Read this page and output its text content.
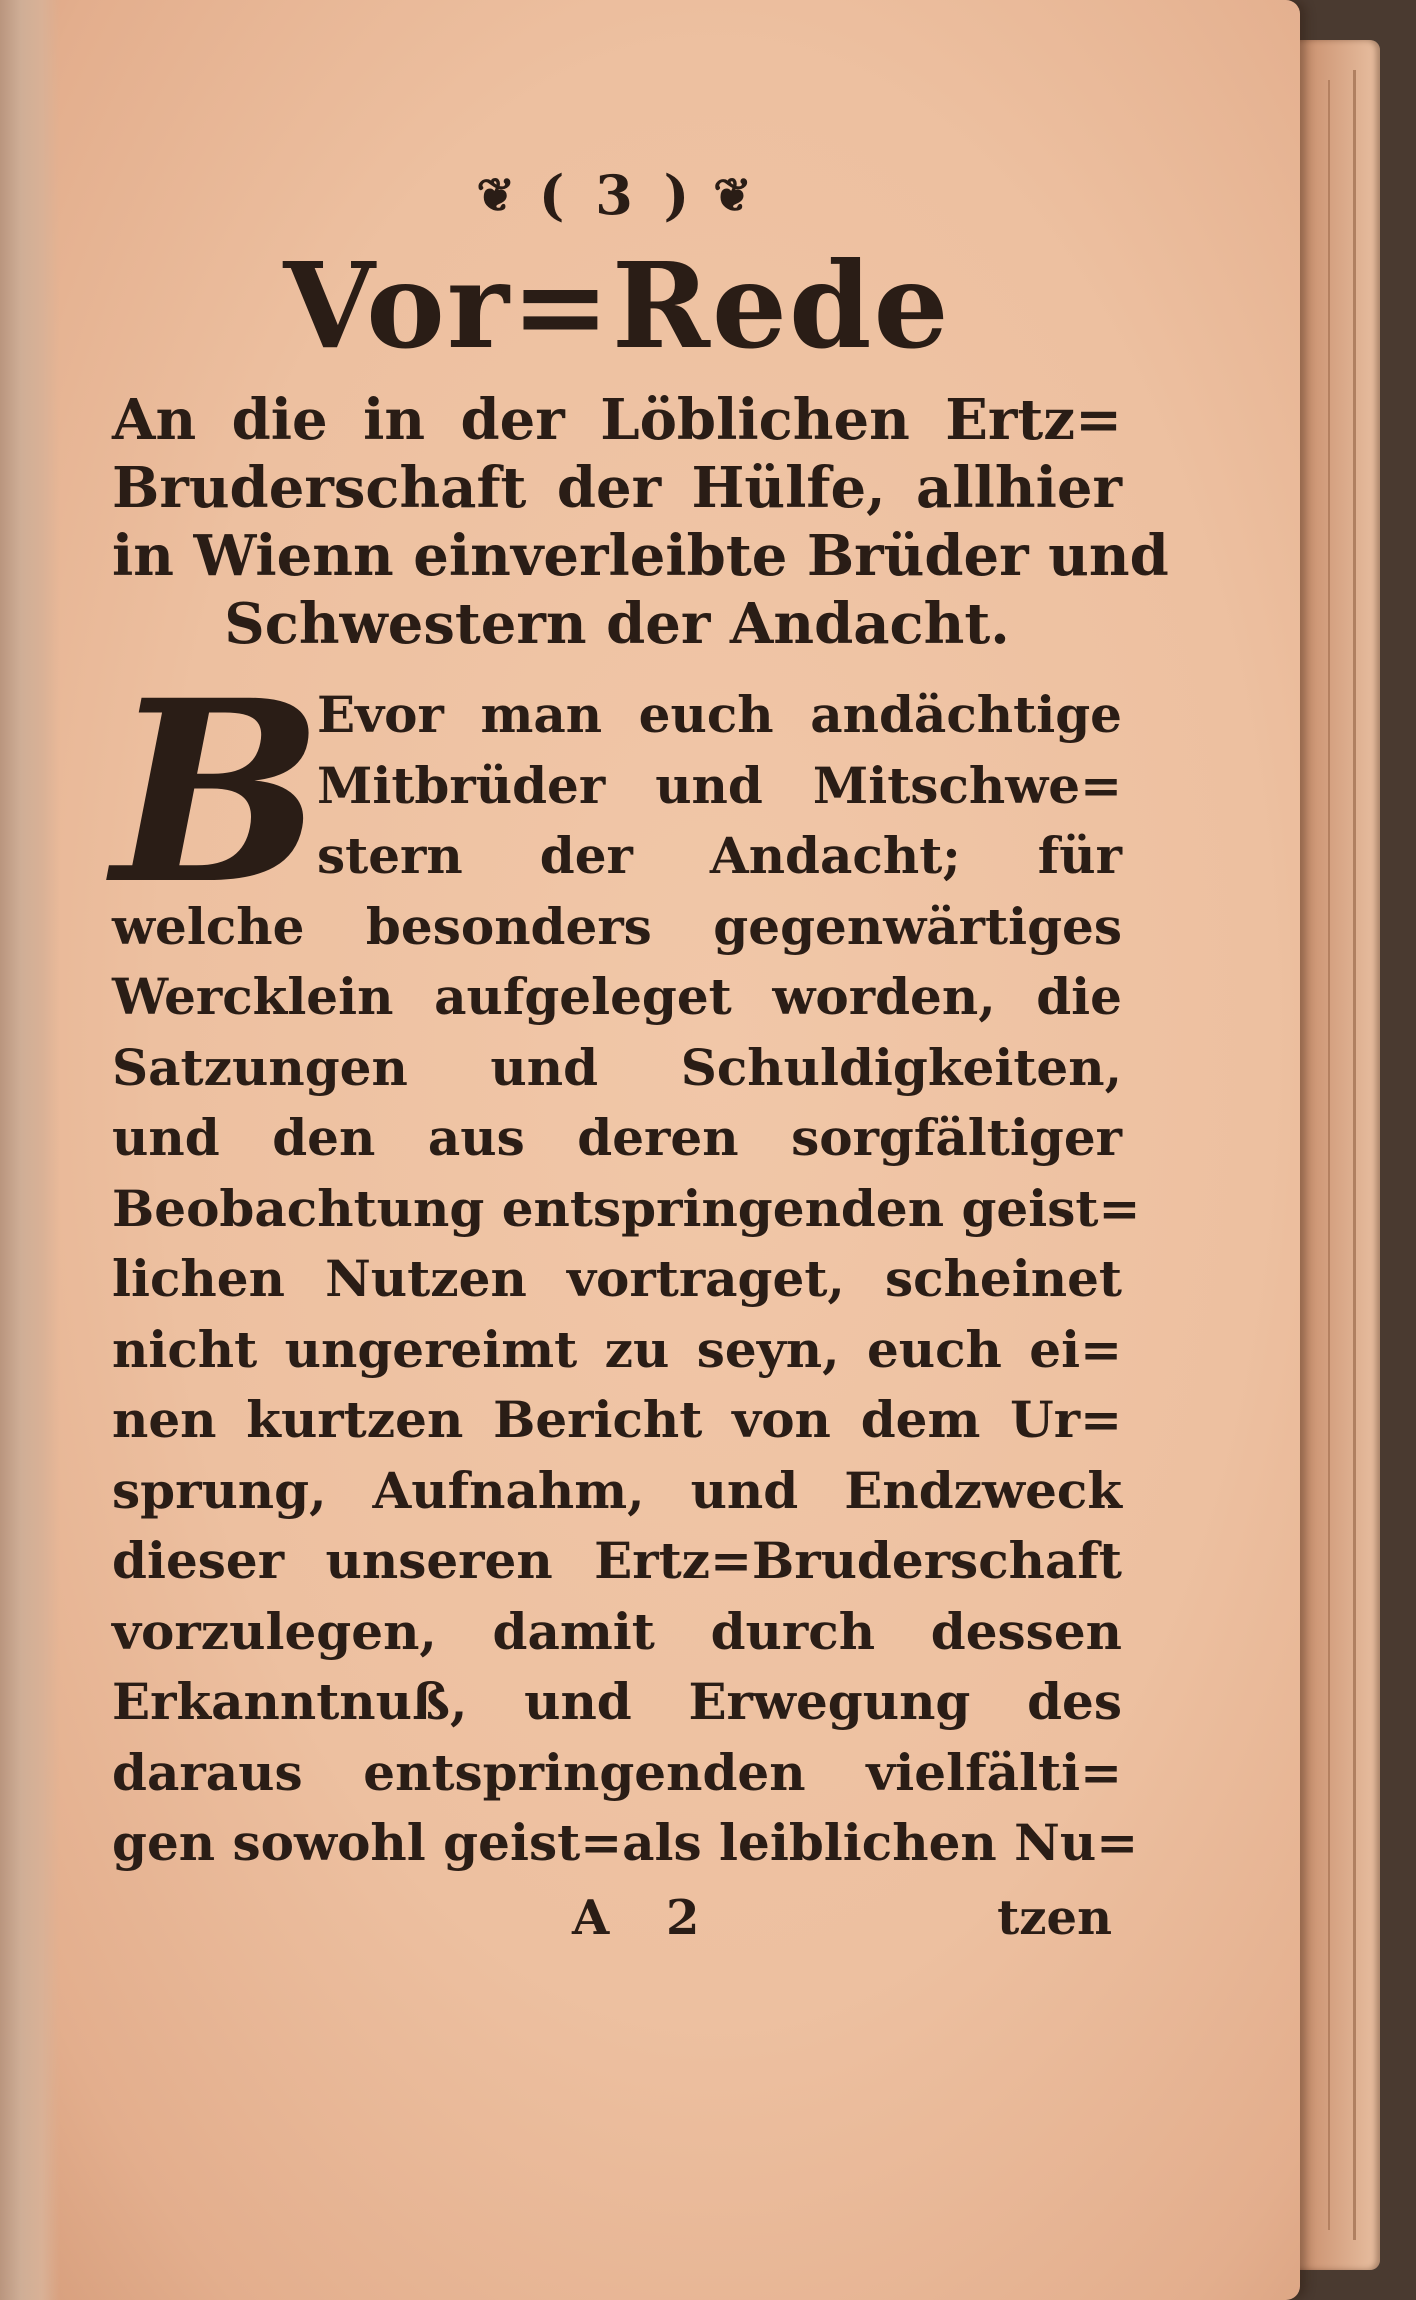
❦ ( 3 ) ❦
Vor=Rede
An die in der Löblichen Ertz=
Bruderschaft der Hülfe, allhier
in Wienn einverleibte Brüder und
Schwestern der Andacht.
B
Evor man euch andächtige
Mitbrüder und Mitschwe=
stern der Andacht; für
welche besonders gegenwärtiges
Wercklein aufgeleget worden, die
Satzungen und Schuldigkeiten,
und den aus deren sorgfältiger
Beobachtung entspringenden geist=
lichen Nutzen vortraget, scheinet
nicht ungereimt zu seyn, euch ei=
nen kurtzen Bericht von dem Ur=
sprung, Aufnahm, und Endzweck
dieser unseren Ertz=Bruderschaft
vorzulegen, damit durch dessen
Erkanntnuß, und Erwegung des
daraus entspringenden vielfälti=
gen sowohl geist=als leiblichen Nu=
A 2	tzen
